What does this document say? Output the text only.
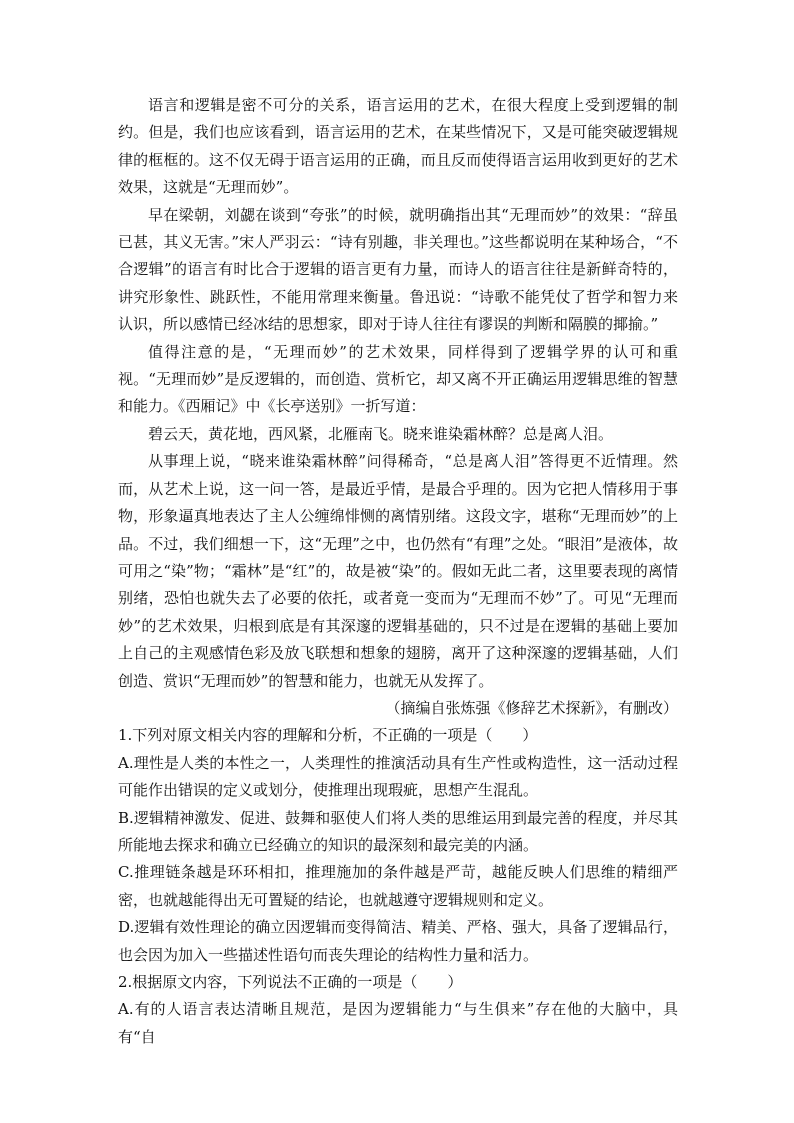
语言和逻辑是密不可分的关系，语言运用的艺术，在很大程度上受到逻辑的制约。但是，我们也应该看到，语言运用的艺术，在某些情况下，又是可能突破逻辑规律的框框的。这不仅无碍于语言运用的正确，而且反而使得语言运用收到更好的艺术效果，这就是“无理而妙”。

早在梁朝，刘勰在谈到“夸张”的时候，就明确指出其“无理而妙”的效果：“辞虽已甚，其义无害。”宋人严羽云：“诗有别趣，非关理也。”这些都说明在某种场合，“不合逻辑”的语言有时比合于逻辑的语言更有力量，而诗人的语言往往是新鲜奇特的，讲究形象性、跳跃性，不能用常理来衡量。鲁迅说：“诗歌不能凭仗了哲学和智力来认识，所以感情已经冰结的思想家，即对于诗人往往有谬误的判断和隔膜的揶揄。”

值得注意的是，“无理而妙”的艺术效果，同样得到了逻辑学界的认可和重视。“无理而妙”是反逻辑的，而创造、赏析它，却又离不开正确运用逻辑思维的智慧和能力。《西厢记》中《长亭送别》一折写道：

碧云天，黄花地，西风紧，北雁南飞。晓来谁染霜林醉？总是离人泪。

从事理上说，“晓来谁染霜林醉”问得稀奇，“总是离人泪”答得更不近情理。然而，从艺术上说，这一问一答，是最近乎情，是最合乎理的。因为它把人情移用于事物，形象逼真地表达了主人公缠绵悱恻的离情别绪。这段文字，堪称“无理而妙”的上品。不过，我们细想一下，这“无理”之中，也仍然有“有理”之处。“眼泪”是液体，故可用之“染”物；“霜林”是“红”的，故是被“染”的。假如无此二者，这里要表现的离情别绪，恐怕也就失去了必要的依托，或者竟一变而为“无理而不妙”了。可见“无理而妙”的艺术效果，归根到底是有其深邃的逻辑基础的，只不过是在逻辑的基础上要加上自己的主观感情色彩及放飞联想和想象的翅膀，离开了这种深邃的逻辑基础，人们创造、赏识“无理而妙”的智慧和能力，也就无从发挥了。

（摘编自张炼强《修辞艺术探新》，有删改）

1.下列对原文相关内容的理解和分析，不正确的一项是（　　）

A.理性是人类的本性之一，人类理性的推演活动具有生产性或构造性，这一活动过程可能作出错误的定义或划分，使推理出现瑕疵，思想产生混乱。

B.逻辑精神激发、促进、鼓舞和驱使人们将人类的思维运用到最完善的程度，并尽其所能地去探求和确立已经确立的知识的最深刻和最完美的内涵。

C.推理链条越是环环相扣，推理施加的条件越是严苛，越能反映人们思维的精细严密，也就越能得出无可置疑的结论，也就越遵守逻辑规则和定义。

D.逻辑有效性理论的确立因逻辑而变得简洁、精美、严格、强大，具备了逻辑品行，也会因为加入一些描述性语句而丧失理论的结构性力量和活力。

2.根据原文内容，下列说法不正确的一项是（　　）

A.有的人语言表达清晰且规范，是因为逻辑能力“与生俱来”存在他的大脑中，具有“自
